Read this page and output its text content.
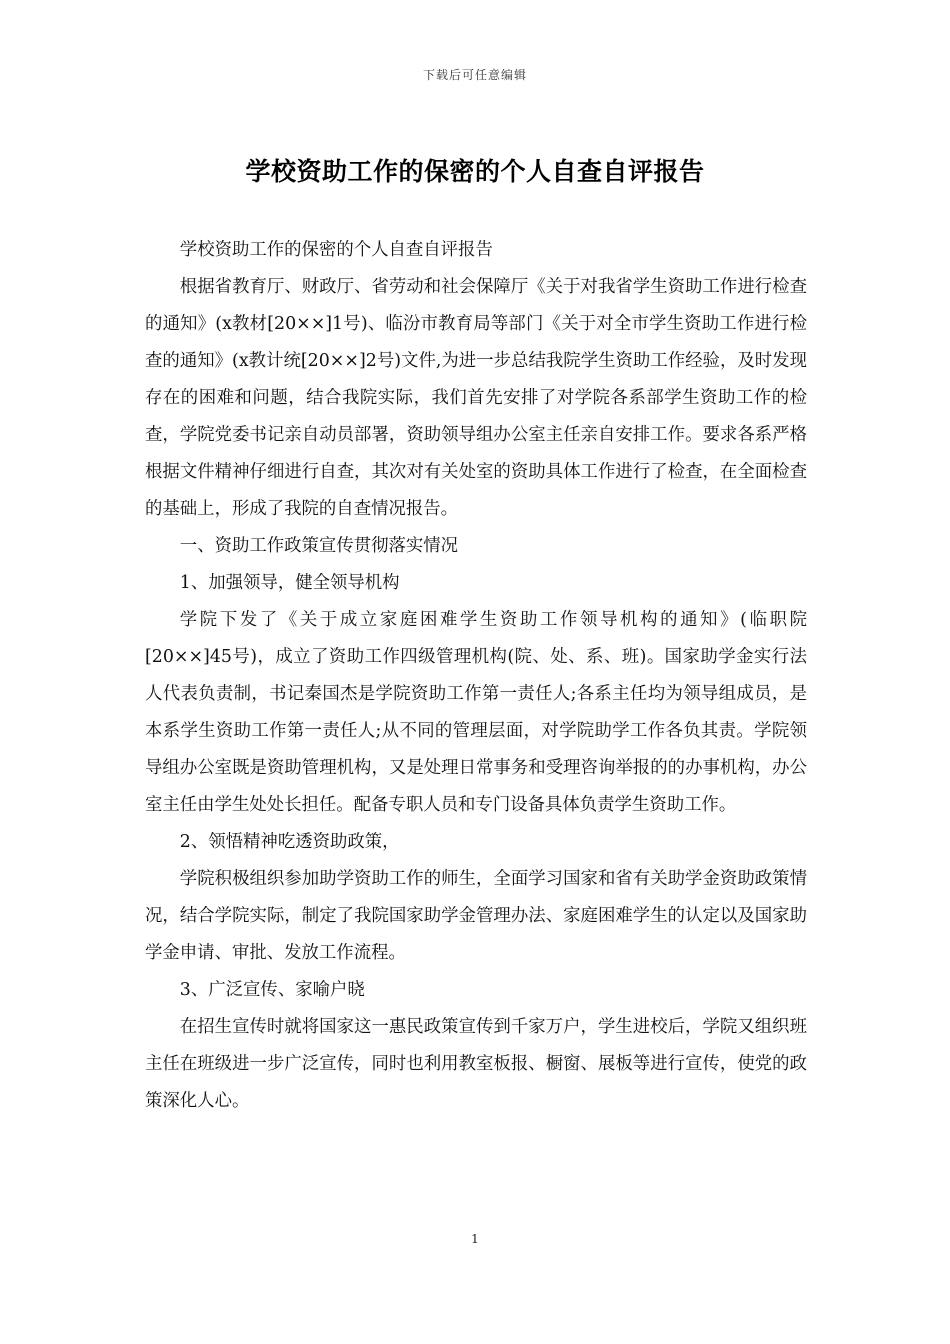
下载后可任意编辑
学校资助工作的保密的个人自查自评报告

学校资助工作的保密的个人自查自评报告

根据省教育厅、财政厅、省劳动和社会保障厅《关于对我省学生资助工作进行检查的通知》(x教材[20××]1号)、临汾市教育局等部门《关于对全市学生资助工作进行检查的通知》(x教计统[20××]2号)文件,为进一步总结我院学生资助工作经验，及时发现存在的困难和问题，结合我院实际，我们首先安排了对学院各系部学生资助工作的检查，学院党委书记亲自动员部署，资助领导组办公室主任亲自安排工作。要求各系严格根据文件精神仔细进行自查，其次对有关处室的资助具体工作进行了检查，在全面检查的基础上，形成了我院的自查情况报告。

一、资助工作政策宣传贯彻落实情况

1、加强领导，健全领导机构

学院下发了《关于成立家庭困难学生资助工作领导机构的通知》(临职院[20××]45号)，成立了资助工作四级管理机构(院、处、系、班)。国家助学金实行法人代表负责制，书记秦国杰是学院资助工作第一责任人;各系主任均为领导组成员，是本系学生资助工作第一责任人;从不同的管理层面，对学院助学工作各负其责。学院领导组办公室既是资助管理机构，又是处理日常事务和受理咨询举报的的办事机构，办公室主任由学生处处长担任。配备专职人员和专门设备具体负责学生资助工作。

2、领悟精神吃透资助政策，

学院积极组织参加助学资助工作的师生，全面学习国家和省有关助学金资助政策情况，结合学院实际，制定了我院国家助学金管理办法、家庭困难学生的认定以及国家助学金申请、审批、发放工作流程。

3、广泛宣传、家喻户晓

在招生宣传时就将国家这一惠民政策宣传到千家万户，学生进校后，学院又组织班主任在班级进一步广泛宣传，同时也利用教室板报、橱窗、展板等进行宣传，使党的政策深化人心。

1
